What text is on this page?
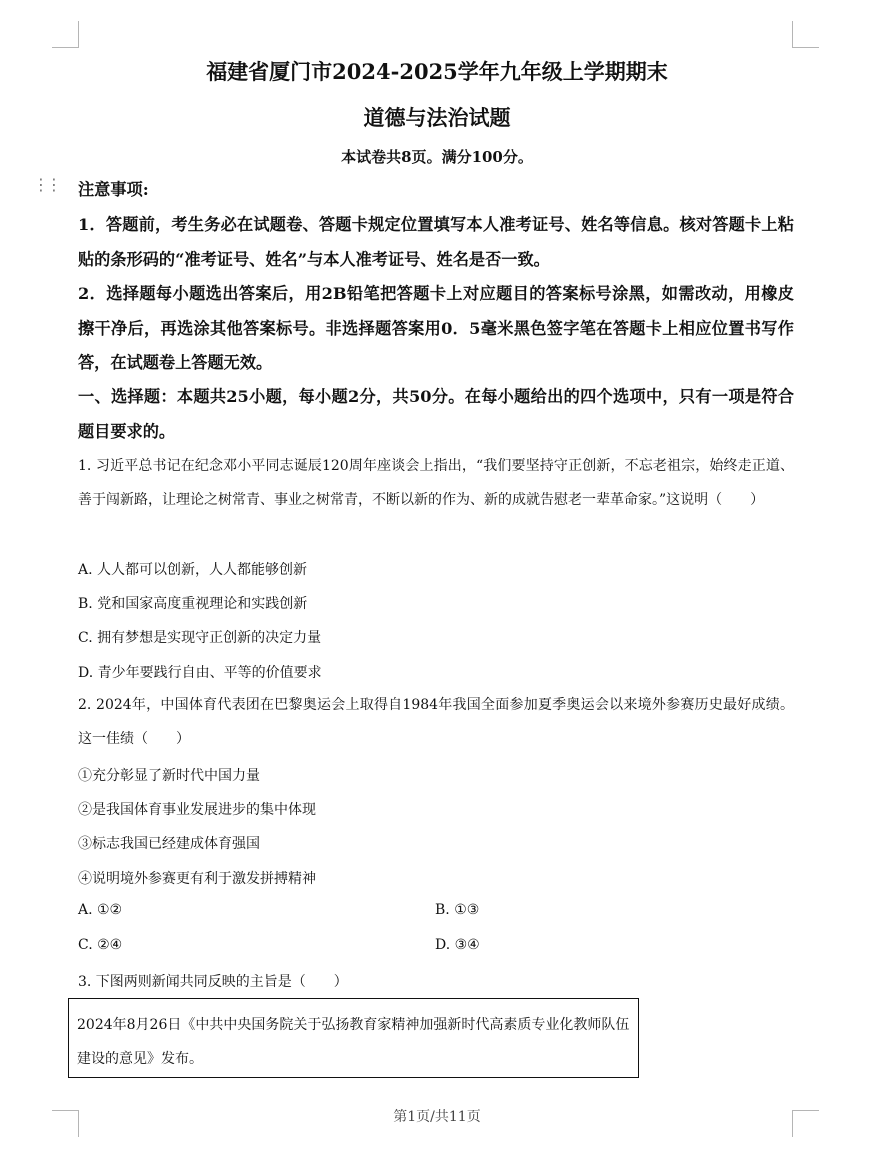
⋮⋮
福建省厦门市2024-2025学年九年级上学期期末
道德与法治试题
本试卷共8页。满分100分。
注意事项:
1．答题前，考生务必在试题卷、答题卡规定位置填写本人准考证号、姓名等信息。核对答题卡上粘贴的条形码的“准考证号、姓名”与本人准考证号、姓名是否一致。
2．选择题每小题选出答案后，用2B铅笔把答题卡上对应题目的答案标号涂黑，如需改动，用橡皮擦干净后，再选涂其他答案标号。非选择题答案用0．5毫米黑色签字笔在答题卡上相应位置书写作答，在试题卷上答题无效。
一、选择题：本题共25小题，每小题2分，共50分。在每小题给出的四个选项中，只有一项是符合题目要求的。
1. 习近平总书记在纪念邓小平同志诞辰120周年座谈会上指出，“我们要坚持守正创新，不忘老祖宗，始终走正道、善于闯新路，让理论之树常青、事业之树常青，不断以新的作为、新的成就告慰老一辈革命家。”这说明（　　）
A. 人人都可以创新，人人都能够创新
B. 党和国家高度重视理论和实践创新
C. 拥有梦想是实现守正创新的决定力量
D. 青少年要践行自由、平等的价值要求
2. 2024年，中国体育代表团在巴黎奥运会上取得自1984年我国全面参加夏季奥运会以来境外参赛历史最好成绩。这一佳绩（　　）
①充分彰显了新时代中国力量
②是我国体育事业发展进步的集中体现
③标志我国已经建成体育强国
④说明境外参赛更有利于激发拼搏精神
A. ①②	B. ①③
C. ②④	D. ③④
3. 下图两则新闻共同反映的主旨是（　　）
2024年8月26日《中共中央国务院关于弘扬教育家精神加强新时代高素质专业化教师队伍建设的意见》发布。
第1页/共11页
